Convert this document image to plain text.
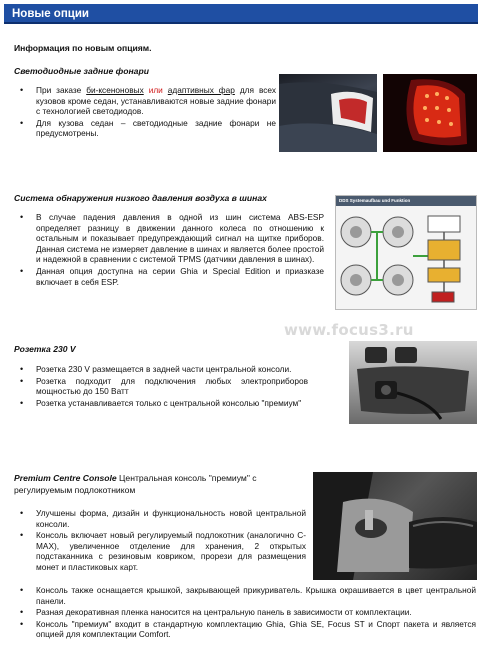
Новые опции
Информация по новым опциям.
Светодиодные задние фонари
• При заказе би-ксеноновых или адаптивных фар для всех кузовов кроме седан, устанавливаются новые задние фонари с технологией светодиодов.
• Для кузова седан – светодиодные задние фонари не предусмотрены.
Система обнаружения низкого давления воздуха в шинах
• В случае падения давления в одной из шин система ABS-ESP определяет разницу в движении данного колеса по отношению к остальным и показывает предупреждающий сигнал на щитке приборов. Данная система не измеряет давление в шинах и является более простой и надежной в сравнении с системой TPMS (датчики давления в шинах).
• Данная опция доступна на серии Ghia и Special Edition и приазказе включает в себя ESP.
DDS Systemaufbau und Funktion
www.focus3.ru
Розетка 230 V
• Розетка 230 V размещается в задней части центральной консоли.
• Розетка подходит для подключения любых электроприборов мощностью до 150 Ватт
• Розетка устанавливается только с центральной консолью "премиум"
Premium Centre Console Центральная консоль "премиум" с регулируемым подлокотником
• Улучшены форма, дизайн и функциональность новой центральной консоли.
• Консоль включает новый регулируемый подлокотник (аналогично C-MAX), увеличенное отделение для хранения, 2 открытых подстаканника с резиновым ковриком, прорези для размещения монет и пластиковых карт.
• Консоль также оснащается крышкой, закрывающей прикуриватель. Крышка окрашивается в цвет центральной панели.
• Разная декоративная пленка наносится на центральную панель в зависимости от комплектации.
• Консоль "премиум" входит в стандартную комплектацию Ghia, Ghia SE, Focus ST и Спорт пакета и является опцией для комплектации Comfort.
